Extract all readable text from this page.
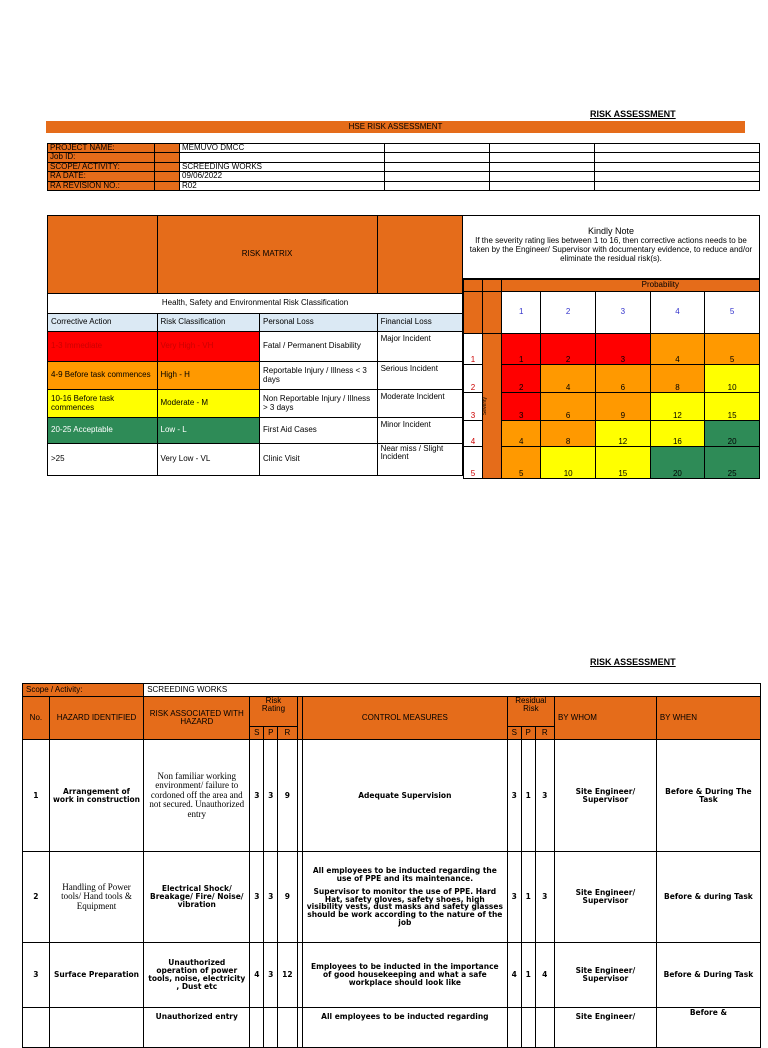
RISK ASSESSMENT
HSE RISK ASSESSMENT
PROJECT NAME:		MEMUVO DMCC			
Job ID:					
SCOPE/ ACTIVITY:		SCREEDING WORKS			
RA DATE:		09/06/2022			
RA REVISION NO.:		R02			
	RISK MATRIX		
Health, Safety and Environmental Risk Classification			
Corrective Action	Risk Classification	Personal Loss	Financial Loss
1-3 Immediate	Very High - VH	Fatal / Permanent Disability	Major Incident
4-9 Before task commences	High - H	Reportable Injury / Illness < 3 days	Serious Incident
10-16 Before task commences	Moderate - M	Non Reportable Injury / Illness > 3 days	Moderate Incident
20-25 Acceptable	Low - L	First Aid Cases	Minor Incident
>25	Very Low - VL	Clinic Visit	Near miss / Slight Incident
Kindly Note
If the severity rating lies between 1 to 16, then corrective actions needs to be taken by the Engineer/ Supervisor with documentary evidence, to reduce and/or eliminate the residual risk(s).
		Probability				
		1	2	3	4	5
1	Severity	1	2	3	4	5
2		2	4	6	8	10
3		3	6	9	12	15
4		4	8	12	16	20
5		5	10	15	20	25
RISK ASSESSMENT
Scope / Activity:		SCREEDING WORKS										
No.	HAZARD IDENTIFIED	RISK ASSOCIATED WITH HAZARD	Risk Rating				CONTROL MEASURES	Residual Risk			BY WHOM	BY WHEN
			S	P	R			S	P	R		
1	Arrangement of work in construction	Non familiar working environment/ failure to cordoned off the area and not secured. Unauthorized entry	3	3	9		Adequate Supervision	3	1	3	Site Engineer/ Supervisor	Before & During The Task
2	Handling of Power tools/ Hand tools & Equipment	Electrical Shock/ Breakage/ Fire/ Noise/ vibration	3	3	9		All employees to be inducted regarding the use of PPE and its maintenance.
Supervisor to monitor the use of PPE. Hard Hat, safety gloves, safety shoes, high visibility vests, dust masks and safety glasses should be work according to the nature of the job	3	1	3	Site Engineer/ Supervisor	Before & during Task
3	Surface Preparation	Unauthorized operation of power tools, noise, electricity , Dust etc	4	3	12		Employees to be inducted in the importance of good housekeeping and what a safe workplace should look like	4	1	4	Site Engineer/ Supervisor	Before & During Task
		Unauthorized entry					All employees to be inducted regarding				Site Engineer/	Before &
